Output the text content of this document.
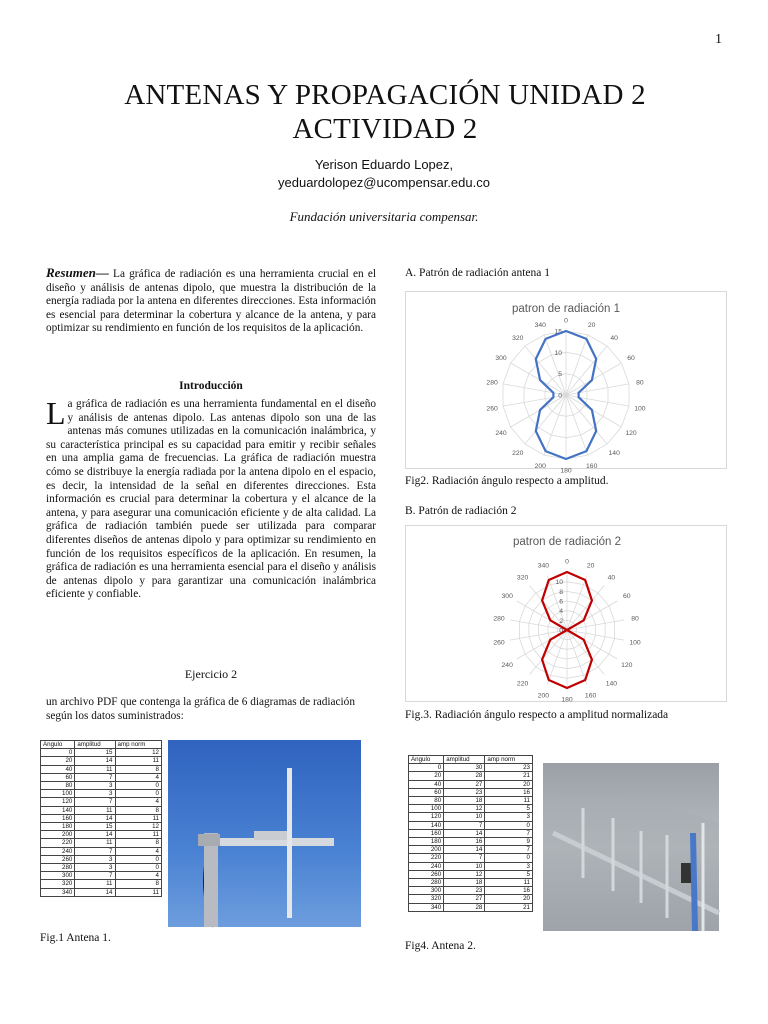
1
ANTENAS Y PROPAGACIÓN UNIDAD 2
ACTIVIDAD 2
Yerison Eduardo Lopez,
yeduardolopez@ucompensar.edu.co
Fundación universitaria compensar.
Resumen— La gráfica de radiación es una herramienta crucial en el diseño y análisis de antenas dipolo, que muestra la distribución de la energía radiada por la antena en diferentes direcciones. Esta información es esencial para determinar la cobertura y alcance de la antena, y para optimizar su rendimiento en función de los requisitos de la aplicación.
Introducción
La gráfica de radiación es una herramienta fundamental en el diseño y análisis de antenas dipolo. Las antenas dipolo son una de las antenas más comunes utilizadas en la comunicación inalámbrica, y su característica principal es su capacidad para emitir y recibir señales en una amplia gama de frecuencias. La gráfica de radiación muestra cómo se distribuye la energía radiada por la antena dipolo en el espacio, es decir, la intensidad de la señal en diferentes direcciones. Esta información es crucial para determinar la cobertura y el alcance de la antena, y para asegurar una comunicación eficiente y de alta calidad. La gráfica de radiación también puede ser utilizada para comparar diferentes diseños de antenas dipolo y para optimizar su rendimiento en función de los requisitos específicos de la aplicación. En resumen, la gráfica de radiación es una herramienta esencial para el diseño y análisis de antenas dipolo y para garantizar una comunicación inalámbrica eficiente y confiable.
Ejercicio 2
un archivo PDF que contenga la gráfica de 6 diagramas de radiación según los datos suministrados:
Angulo	amplitud	amp norm
0	15	12
20	14	11
40	11	8
60	7	4
80	3	0
100	3	0
120	7	4
140	11	8
160	14	11
180	15	12
200	14	11
220	11	8
240	7	4
260	3	0
280	3	0
300	7	4
320	11	8
340	14	11
Fig.1 Antena 1.
A. Patrón de radiación antena 1
patron de radiación 1
0
20
40
60
80
100
120
140
160
180
200
220
240
260
280
300
320
340
0
5
10
15
Fig2. Radiación ángulo respecto a amplitud.
B. Patrón de radiación 2
patron de radiación 2
0
20
40
60
80
100
120
140
160
180
200
220
240
260
280
300
320
340
0
2
4
6
8
10
Fig.3. Radiación ángulo respecto a amplitud normalizada
Angulo	amplitud	amp norm
0	30	23
20	28	21
40	27	20
60	23	16
80	18	11
100	12	5
120	10	3
140	7	0
160	14	7
180	16	9
200	14	7
220	7	0
240	10	3
260	12	5
280	18	11
300	23	16
320	27	20
340	28	21
Fig4. Antena 2.
